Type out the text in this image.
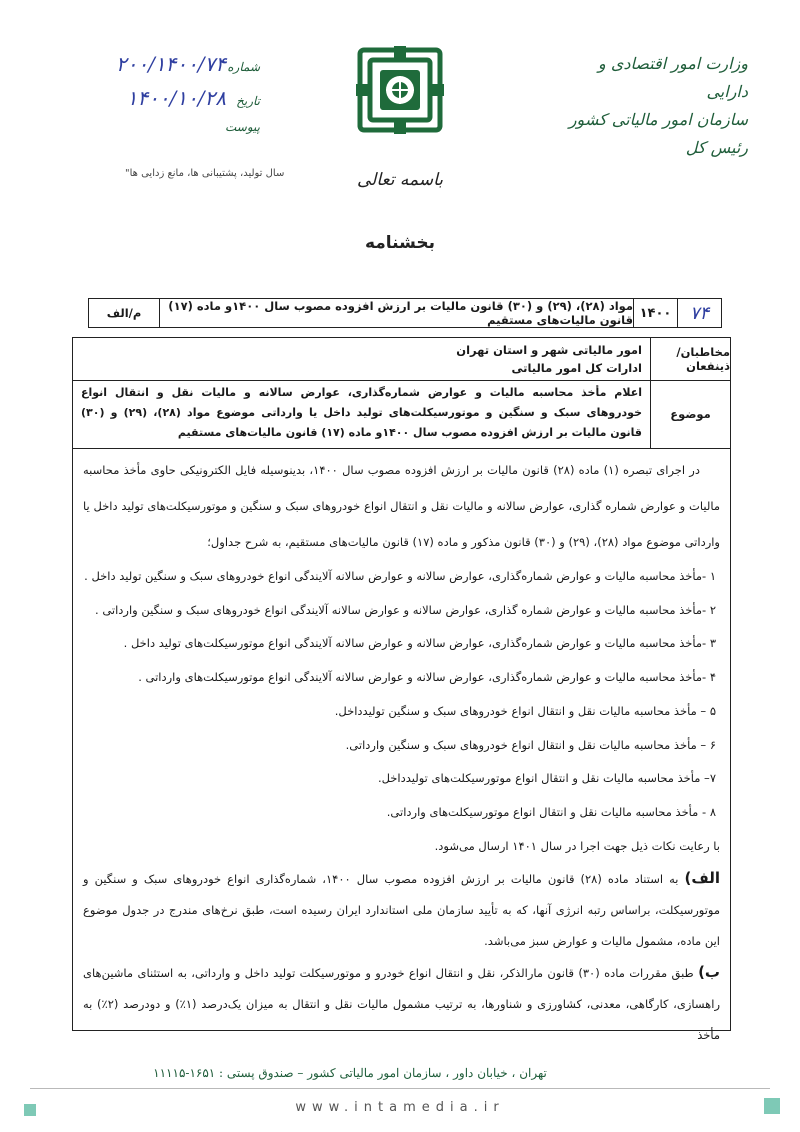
وزارت امور اقتصادی و دارایی
سازمان امور مالیاتی کشور
رئیس کل
شماره
۲۰۰/۱۴۰۰/۷۴
تاریخ
۱۴۰۰/۱۰/۲۸
پیوست
سال تولید، پشتیبانی ها، مانع زدایی ها"	باسمه تعالی
بخشنامه
۷۴
۱۴۰۰
مواد (۲۸)، (۲۹) و (۳۰) قانون مالیات بر ارزش افزوده مصوب سال ۱۴۰۰و ماده (۱۷) قانون مالیات‌های مستقیم
م/الف
مخاطبان/ذینفعان
امور مالیاتی شهر و استان تهران
ادارات کل امور مالیاتی
موضوع
اعلام مأخذ محاسبه مالیات و عوارض شماره‌گذاری، عوارض سالانه و مالیات نقل و انتقال انواع خودروهای سبک و سنگین و موتورسیکلت‌های تولید داخل یا وارداتی موضوع مواد (۲۸)، (۲۹) و (۳۰) قانون مالیات بر ارزش افزوده مصوب سال ۱۴۰۰و ماده (۱۷) قانون مالیات‌های مستقیم

در اجرای تبصره (۱) ماده (۲۸) قانون مالیات بر ارزش افزوده مصوب سال ۱۴۰۰، بدینوسیله فایل الکترونیکی حاوی مأخذ محاسبه مالیات و عوارض شماره گذاری، عوارض سالانه و مالیات نقل و انتقال انواع خودروهای سبک و سنگین و موتورسیکلت‌های تولید داخل یا وارداتی موضوع مواد (۲۸)، (۲۹) و (۳۰) قانون مذکور و ماده (۱۷) قانون مالیات‌های مستقیم، به شرح جداول؛

۱ -مأخذ محاسبه مالیات و عوارض شماره‌گذاری، عوارض سالانه و عوارض سالانه آلایندگی انواع خودروهای سبک و سنگین تولید داخل .

۲ -مأخذ محاسبه مالیات و عوارض شماره گذاری، عوارض سالانه و عوارض سالانه آلایندگی انواع خودروهای سبک و سنگین وارداتی .

۳ -مأخذ محاسبه مالیات و عوارض شماره‌گذاری، عوارض سالانه و عوارض سالانه آلایندگی انواع موتورسیکلت‌های تولید داخل .

۴ -مأخذ محاسبه مالیات و عوارض شماره‌گذاری، عوارض سالانه و عوارض سالانه آلایندگی انواع موتورسیکلت‌های وارداتی .

۵ – مأخذ محاسبه مالیات نقل و انتقال انواع خودروهای سبک و سنگین تولیدداخل.

۶ – مأخذ محاسبه مالیات نقل و انتقال انواع خودروهای سبک و سنگین وارداتی.

۷– مأخذ محاسبه مالیات نقل و انتقال انواع موتورسیکلت‌های تولیدداخل.

۸ - مأخذ محاسبه مالیات نقل و انتقال انواع موتورسیکلت‌های وارداتی.

با رعایت نکات ذیل جهت اجرا در سال ۱۴۰۱ ارسال می‌شود.

الف) به استناد ماده (۲۸) قانون مالیات بر ارزش افزوده مصوب سال ۱۴۰۰، شماره‌گذاری انواع خودروهای سبک و سنگین و موتورسیکلت، براساس رتبه انرژی آنها، که به تأیید سازمان ملی استاندارد ایران رسیده است، طبق نرخ‌های مندرج در جدول موضوع این ماده، مشمول مالیات و عوارض سبز می‌باشد.

ب) طبق مقررات ماده (۳۰) قانون مارالذکر، نقل و انتقال انواع خودرو و موتورسیکلت تولید داخل و وارداتی، به استثنای ماشین‌های راهسازی، کارگاهی، معدنی، کشاورزی و شناورها، به ترتیب مشمول مالیات نقل و انتقال به میزان یک‌درصد (۱٪) و دودرصد (۲٪) به مأخذ

تهران ، خیابان داور ، سازمان امور مالیاتی کشور – صندوق پستی : ۱۶۵۱-۱۱۱۱۵
www.intamedia.ir
